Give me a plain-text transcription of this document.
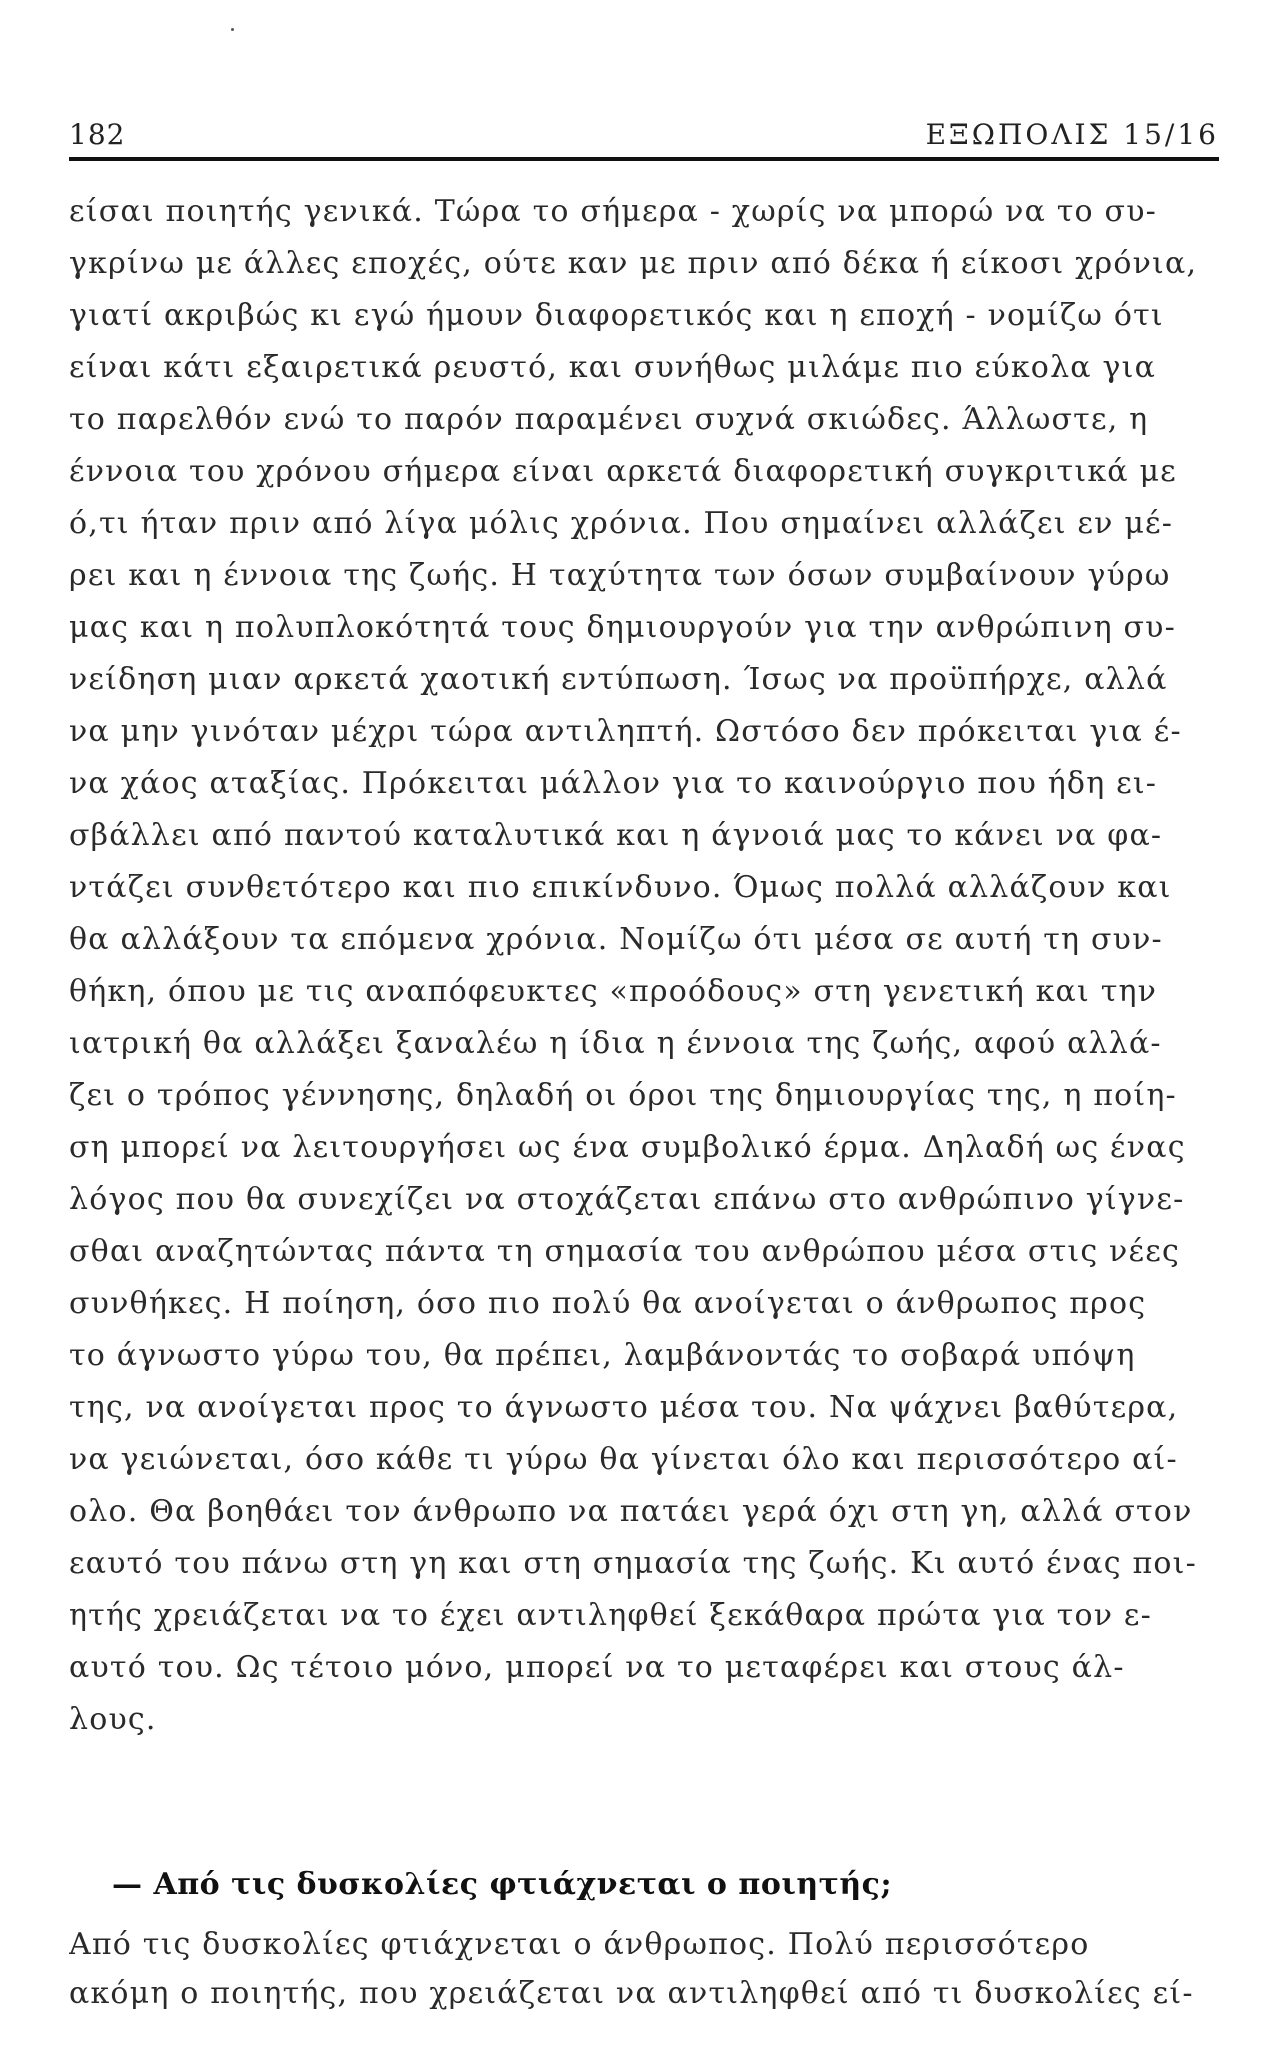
182	ΕΞΩΠΟΛΙΣ 15/16
είσαι ποιητής γενικά. Τώρα το σήμερα - χωρίς να μπορώ να το συ-
γκρίνω με άλλες εποχές, ούτε καν με πριν από δέκα ή είκοσι χρόνια,
γιατί ακριβώς κι εγώ ήμουν διαφορετικός και η εποχή - νομίζω ότι
είναι κάτι εξαιρετικά ρευστό, και συνήθως μιλάμε πιο εύκολα για
το παρελθόν ενώ το παρόν παραμένει συχνά σκιώδες. Άλλωστε, η
έννοια του χρόνου σήμερα είναι αρκετά διαφορετική συγκριτικά με
ό,τι ήταν πριν από λίγα μόλις χρόνια. Που σημαίνει αλλάζει εν μέ-
ρει και η έννοια της ζωής. Η ταχύτητα των όσων συμβαίνουν γύρω
μας και η πολυπλοκότητά τους δημιουργούν για την ανθρώπινη συ-
νείδηση μιαν αρκετά χαοτική εντύπωση. Ίσως να προϋπήρχε, αλλά
να μην γινόταν μέχρι τώρα αντιληπτή. Ωστόσο δεν πρόκειται για έ-
να χάος αταξίας. Πρόκειται μάλλον για το καινούργιο που ήδη ει-
σβάλλει από παντού καταλυτικά και η άγνοιά μας το κάνει να φα-
ντάζει συνθετότερο και πιο επικίνδυνο. Όμως πολλά αλλάζουν και
θα αλλάξουν τα επόμενα χρόνια. Νομίζω ότι μέσα σε αυτή τη συν-
θήκη, όπου με τις αναπόφευκτες «προόδους» στη γενετική και την
ιατρική θα αλλάξει ξαναλέω η ίδια η έννοια της ζωής, αφού αλλά-
ζει ο τρόπος γέννησης, δηλαδή οι όροι της δημιουργίας της, η ποίη-
ση μπορεί να λειτουργήσει ως ένα συμβολικό έρμα. Δηλαδή ως ένας
λόγος που θα συνεχίζει να στοχάζεται επάνω στο ανθρώπινο γίγνε-
σθαι αναζητώντας πάντα τη σημασία του ανθρώπου μέσα στις νέες
συνθήκες. Η ποίηση, όσο πιο πολύ θα ανοίγεται ο άνθρωπος προς
το άγνωστο γύρω του, θα πρέπει, λαμβάνοντάς το σοβαρά υπόψη
της, να ανοίγεται προς το άγνωστο μέσα του. Να ψάχνει βαθύτερα,
να γειώνεται, όσο κάθε τι γύρω θα γίνεται όλο και περισσότερο αί-
ολο. Θα βοηθάει τον άνθρωπο να πατάει γερά όχι στη γη, αλλά στον
εαυτό του πάνω στη γη και στη σημασία της ζωής. Κι αυτό ένας ποι-
ητής χρειάζεται να το έχει αντιληφθεί ξεκάθαρα πρώτα για τον ε-
αυτό του. Ως τέτοιο μόνο, μπορεί να το μεταφέρει και στους άλ-
λους.
— Από τις δυσκολίες φτιάχνεται ο ποιητής;
Από τις δυσκολίες φτιάχνεται ο άνθρωπος. Πολύ περισσότερο
ακόμη ο ποιητής, που χρειάζεται να αντιληφθεί από τι δυσκολίες εί-
